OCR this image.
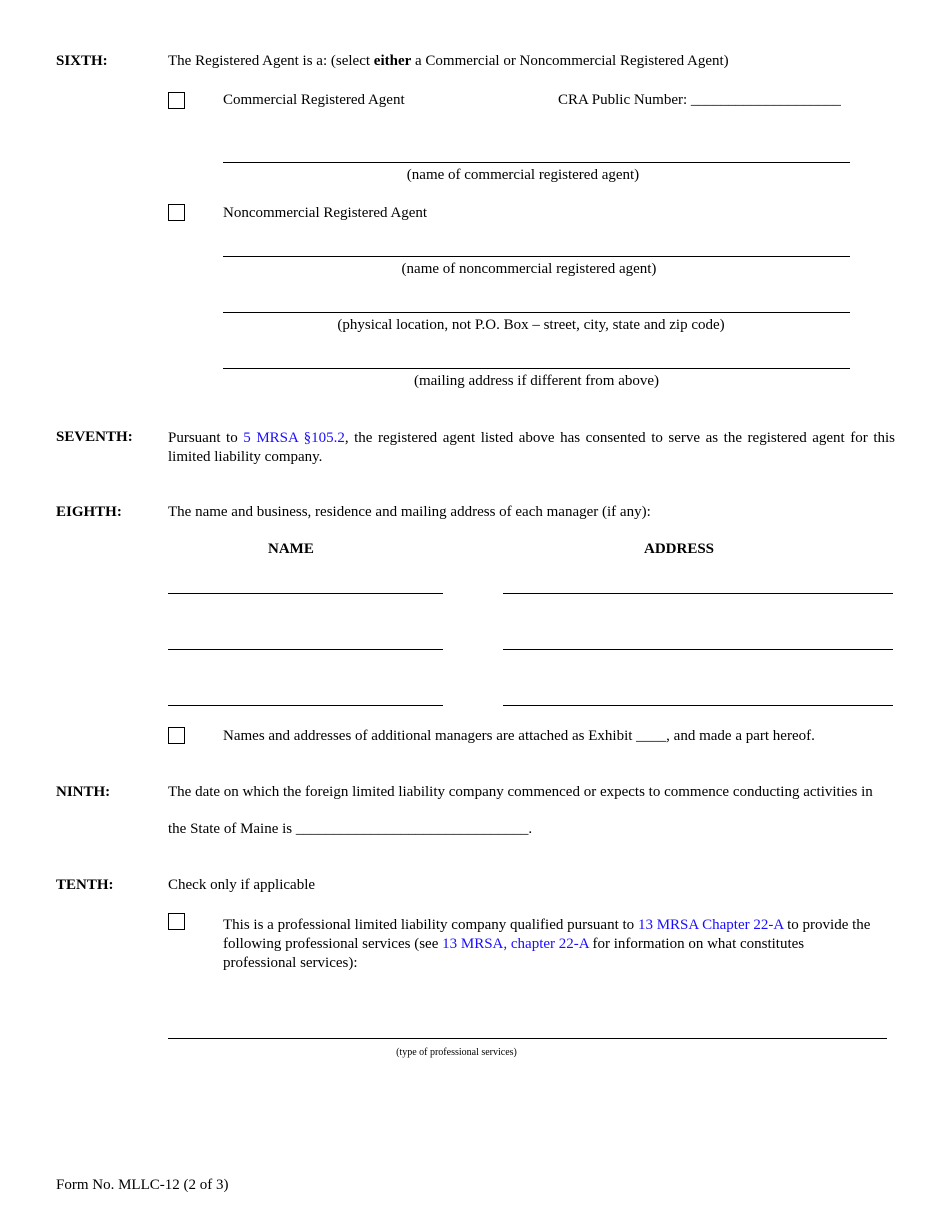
SIXTH:	The Registered Agent is a: (select either a Commercial or Noncommercial Registered Agent)
Commercial Registered Agent	CRA Public Number: ____________________
(name of commercial registered agent)
Noncommercial Registered Agent
(name of noncommercial registered agent)
(physical location, not P.O. Box – street, city, state and zip code)
(mailing address if different from above)
SEVENTH: Pursuant to 5 MRSA §105.2, the registered agent listed above has consented to serve as the registered agent for this limited liability company.
EIGHTH:	The name and business, residence and mailing address of each manager (if any):
NAME	ADDRESS
Names and addresses of additional managers are attached as Exhibit ____, and made a part hereof.
NINTH:	The date on which the foreign limited liability company commenced or expects to commence conducting activities in
the State of Maine is _______________________________.
TENTH:	Check only if applicable
This is a professional limited liability company qualified pursuant to 13 MRSA Chapter 22-A to provide the following professional services (see 13 MRSA, chapter 22-A for information on what constitutes professional services):
(type of professional services)
Form No. MLLC-12 (2 of 3)
